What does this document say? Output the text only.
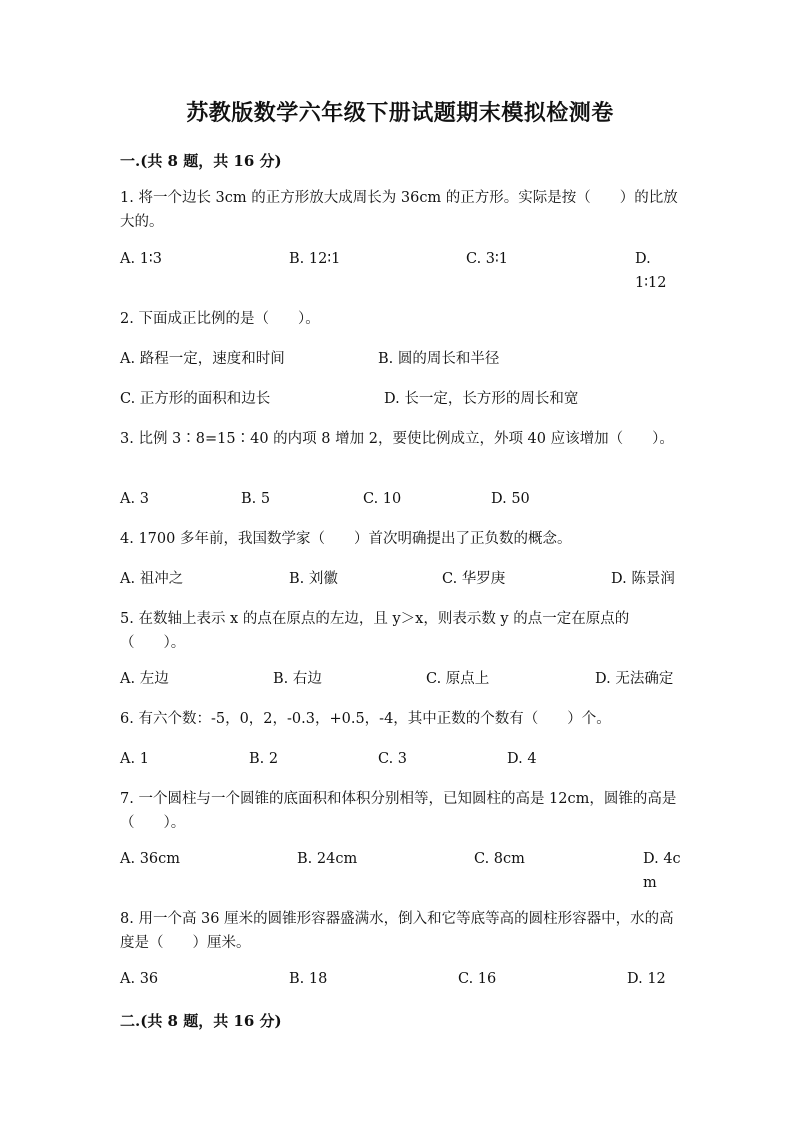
苏教版数学六年级下册试题期末模拟检测卷
一.(共 8 题，共 16 分)
1. 将一个边长 3cm 的正方形放大成周长为 36cm 的正方形。实际是按（　　）的比放大的。
A. 1∶3	B. 12∶1	C. 3∶1	D. 1∶12
2. 下面成正比例的是（　　）。
A. 路程一定，速度和时间	B. 圆的周长和半径
C. 正方形的面积和边长	D. 长一定，长方形的周长和宽
3. 比例 3∶8=15∶40 的内项 8 增加 2，要使比例成立，外项 40 应该增加（　　）。
A. 3	B. 5	C. 10	D. 50
4. 1700 多年前，我国数学家（　　）首次明确提出了正负数的概念。
A. 祖冲之	B. 刘徽	C. 华罗庚	D. 陈景润
5. 在数轴上表示 x 的点在原点的左边，且 y＞x，则表示数 y 的点一定在原点的（　　）。
A. 左边	B. 右边	C. 原点上	D. 无法确定
6. 有六个数：-5，0，2，-0.3，+0.5，-4，其中正数的个数有（　　）个。
A. 1	B. 2	C. 3	D. 4
7. 一个圆柱与一个圆锥的底面积和体积分别相等，已知圆柱的高是 12cm，圆锥的高是（　　）。
A. 36cm	B. 24cm	C. 8cm	D. 4cm
8. 用一个高 36 厘米的圆锥形容器盛满水，倒入和它等底等高的圆柱形容器中，水的高度是（　　）厘米。
A. 36	B. 18	C. 16	D. 12
二.(共 8 题，共 16 分)
